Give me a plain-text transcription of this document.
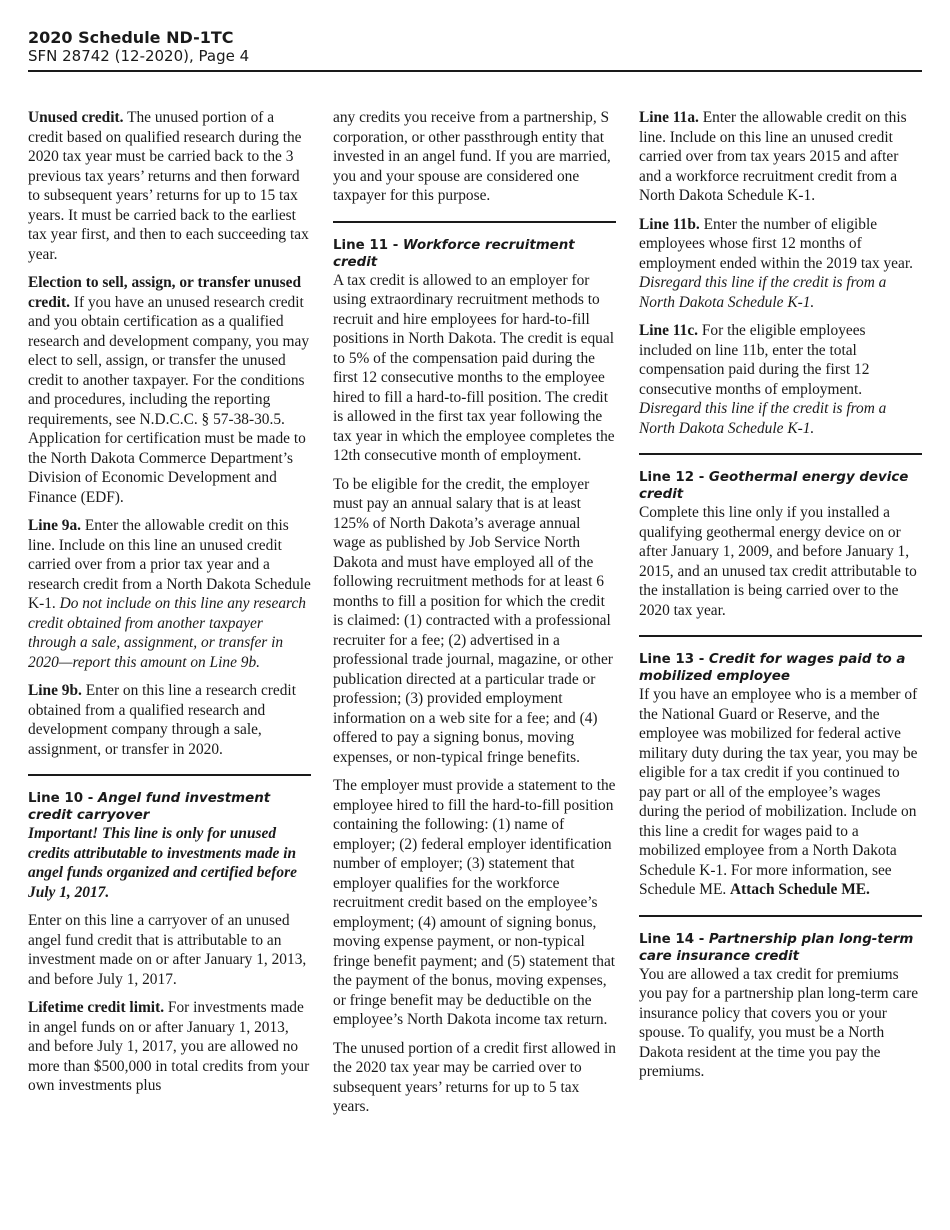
2020 Schedule ND-1TC
SFN 28742 (12-2020), Page 4

Unused credit. The unused portion of a credit based on qualified research during the 2020 tax year must be carried back to the 3 previous tax years’ returns and then forward to subsequent years’ returns for up to 15 tax years. It must be carried back to the earliest tax year first, and then to each succeeding tax year.

Election to sell, assign, or transfer unused credit. If you have an unused research credit and you obtain certification as a qualified research and development company, you may elect to sell, assign, or transfer the unused credit to another taxpayer. For the conditions and procedures, including the reporting requirements, see N.D.C.C. § 57-38-30.5. Application for certification must be made to the North Dakota Commerce Department’s Division of Economic Development and Finance (EDF).

Line 9a. Enter the allowable credit on this line. Include on this line an unused credit carried over from a prior tax year and a research credit from a North Dakota Schedule K-1. Do not include on this line any research credit obtained from another taxpayer through a sale, assignment, or transfer in 2020—report this amount on Line 9b.

Line 9b. Enter on this line a research credit obtained from a qualified research and development company through a sale, assignment, or transfer in 2020.

Line 10 - Angel fund investment credit carryover

Important! This line is only for unused credits attributable to investments made in angel funds organized and certified before July 1, 2017.

Enter on this line a carryover of an unused angel fund credit that is attributable to an investment made on or after January 1, 2013, and before July 1, 2017.

Lifetime credit limit. For investments made in angel funds on or after January 1, 2013, and before July 1, 2017, you are allowed no more than $500,000 in total credits from your own investments plus

any credits you receive from a partnership, S corporation, or other passthrough entity that invested in an angel fund. If you are married, you and your spouse are considered one taxpayer for this purpose.

Line 11 - Workforce recruitment credit

A tax credit is allowed to an employer for using extraordinary recruitment methods to recruit and hire employees for hard-to-fill positions in North Dakota. The credit is equal to 5% of the compensation paid during the first 12 consecutive months to the employee hired to fill a hard-to-fill position. The credit is allowed in the first tax year following the tax year in which the employee completes the 12th consecutive month of employment.

To be eligible for the credit, the employer must pay an annual salary that is at least 125% of North Dakota’s average annual wage as published by Job Service North Dakota and must have employed all of the following recruitment methods for at least 6 months to fill a position for which the credit is claimed: (1) contracted with a professional recruiter for a fee; (2) advertised in a professional trade journal, magazine, or other publication directed at a particular trade or profession; (3) provided employment information on a web site for a fee; and (4) offered to pay a signing bonus, moving expenses, or non-typical fringe benefits.

The employer must provide a statement to the employee hired to fill the hard-to-fill position containing the following: (1) name of employer; (2) federal employer identification number of employer; (3) statement that employer qualifies for the workforce recruitment credit based on the employee’s employment; (4) amount of signing bonus, moving expense payment, or non-typical fringe benefit payment; and (5) statement that the payment of the bonus, moving expenses, or fringe benefit may be deductible on the employee’s North Dakota income tax return.

The unused portion of a credit first allowed in the 2020 tax year may be carried over to subsequent years’ returns for up to 5 tax years.

Line 11a. Enter the allowable credit on this line. Include on this line an unused credit carried over from tax years 2015 and after and a workforce recruitment credit from a North Dakota Schedule K-1.

Line 11b. Enter the number of eligible employees whose first 12 months of employment ended within the 2019 tax year. Disregard this line if the credit is from a North Dakota Schedule K-1.

Line 11c. For the eligible employees included on line 11b, enter the total compensation paid during the first 12 consecutive months of employment. Disregard this line if the credit is from a North Dakota Schedule K-1.

Line 12 - Geothermal energy device credit

Complete this line only if you installed a qualifying geothermal energy device on or after January 1, 2009, and before January 1, 2015, and an unused tax credit attributable to the installation is being carried over to the 2020 tax year.

Line 13 - Credit for wages paid to a mobilized employee

If you have an employee who is a member of the National Guard or Reserve, and the employee was mobilized for federal active military duty during the tax year, you may be eligible for a tax credit if you continued to pay part or all of the employee’s wages during the period of mobilization. Include on this line a credit for wages paid to a mobilized employee from a North Dakota Schedule K-1. For more information, see Schedule ME. Attach Schedule ME.

Line 14 - Partnership plan long-term care insurance credit

You are allowed a tax credit for premiums you pay for a partnership plan long-term care insurance policy that covers you or your spouse. To qualify, you must be a North Dakota resident at the time you pay the premiums.
